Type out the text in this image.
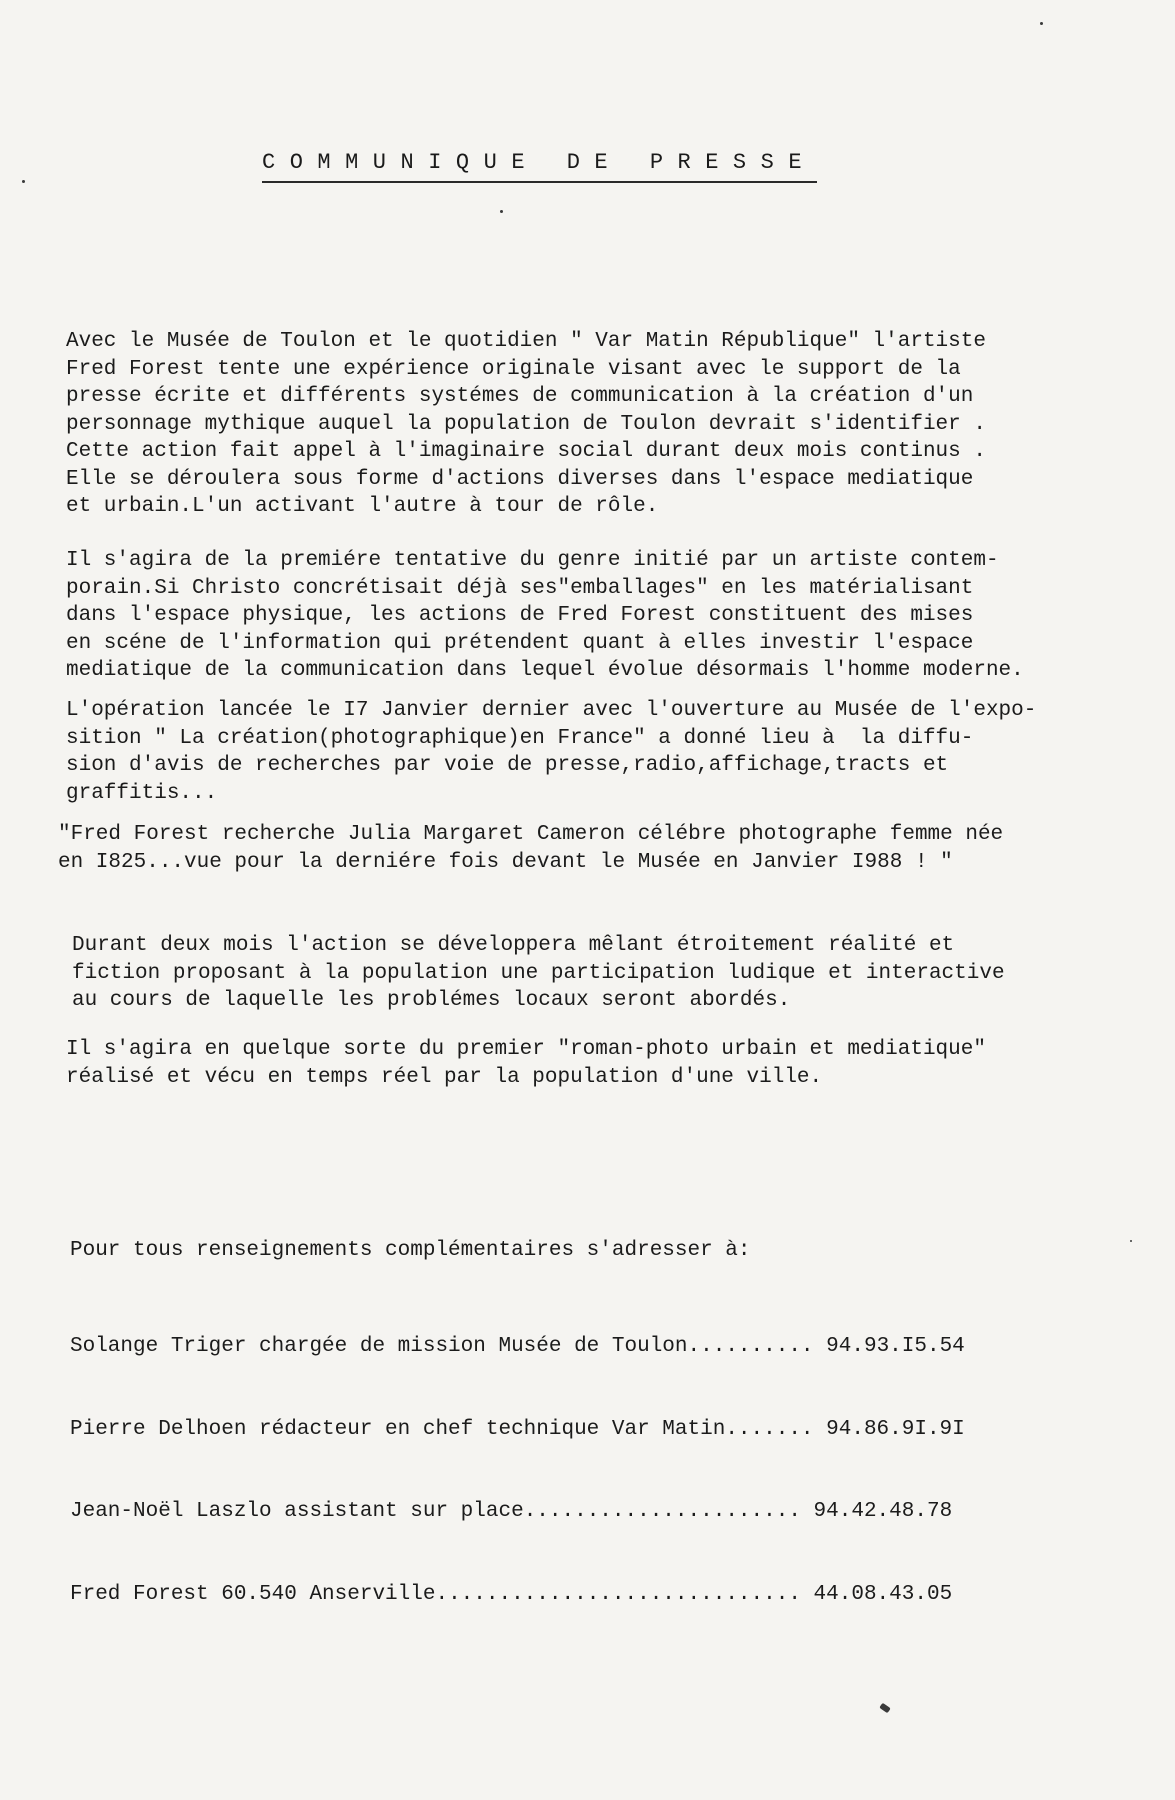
COMMUNIQUE DE PRESSE

Avec le Musée de Toulon et le quotidien " Var Matin République" l'artiste
Fred Forest tente une expérience originale visant avec le support de la
presse écrite et différents systémes de communication à la création d'un
personnage mythique auquel la population de Toulon devrait s'identifier .
Cette action fait appel à l'imaginaire social durant deux mois continus .
Elle se déroulera sous forme d'actions diverses dans l'espace mediatique
et urbain.L'un activant l'autre à tour de rôle.

Il s'agira de la premiére tentative du genre initié par un artiste contem-
porain.Si Christo concrétisait déjà ses"emballages" en les matérialisant
dans l'espace physique, les actions de Fred Forest constituent des mises
en scéne de l'information qui prétendent quant à elles investir l'espace
mediatique de la communication dans lequel évolue désormais l'homme moderne.

L'opération lancée le I7 Janvier dernier avec l'ouverture au Musée de l'expo-
sition " La création(photographique)en France" a donné lieu à  la diffu-
sion d'avis de recherches par voie de presse,radio,affichage,tracts et
graffitis...

"Fred Forest recherche Julia Margaret Cameron célébre photographe femme née
en I825...vue pour la derniére fois devant le Musée en Janvier I988 ! "

Durant deux mois l'action se développera mêlant étroitement réalité et
fiction proposant à la population une participation ludique et interactive
au cours de laquelle les problémes locaux seront abordés.

Il s'agira en quelque sorte du premier "roman-photo urbain et mediatique"
réalisé et vécu en temps réel par la population d'une ville.

Pour tous renseignements complémentaires s'adresser à:

Solange Triger chargée de mission Musée de Toulon.......... 94.93.I5.54

Pierre Delhoen rédacteur en chef technique Var Matin....... 94.86.9I.9I

Jean-Noël Laszlo assistant sur place...................... 94.42.48.78

Fred Forest 60.540 Anserville............................. 44.08.43.05
